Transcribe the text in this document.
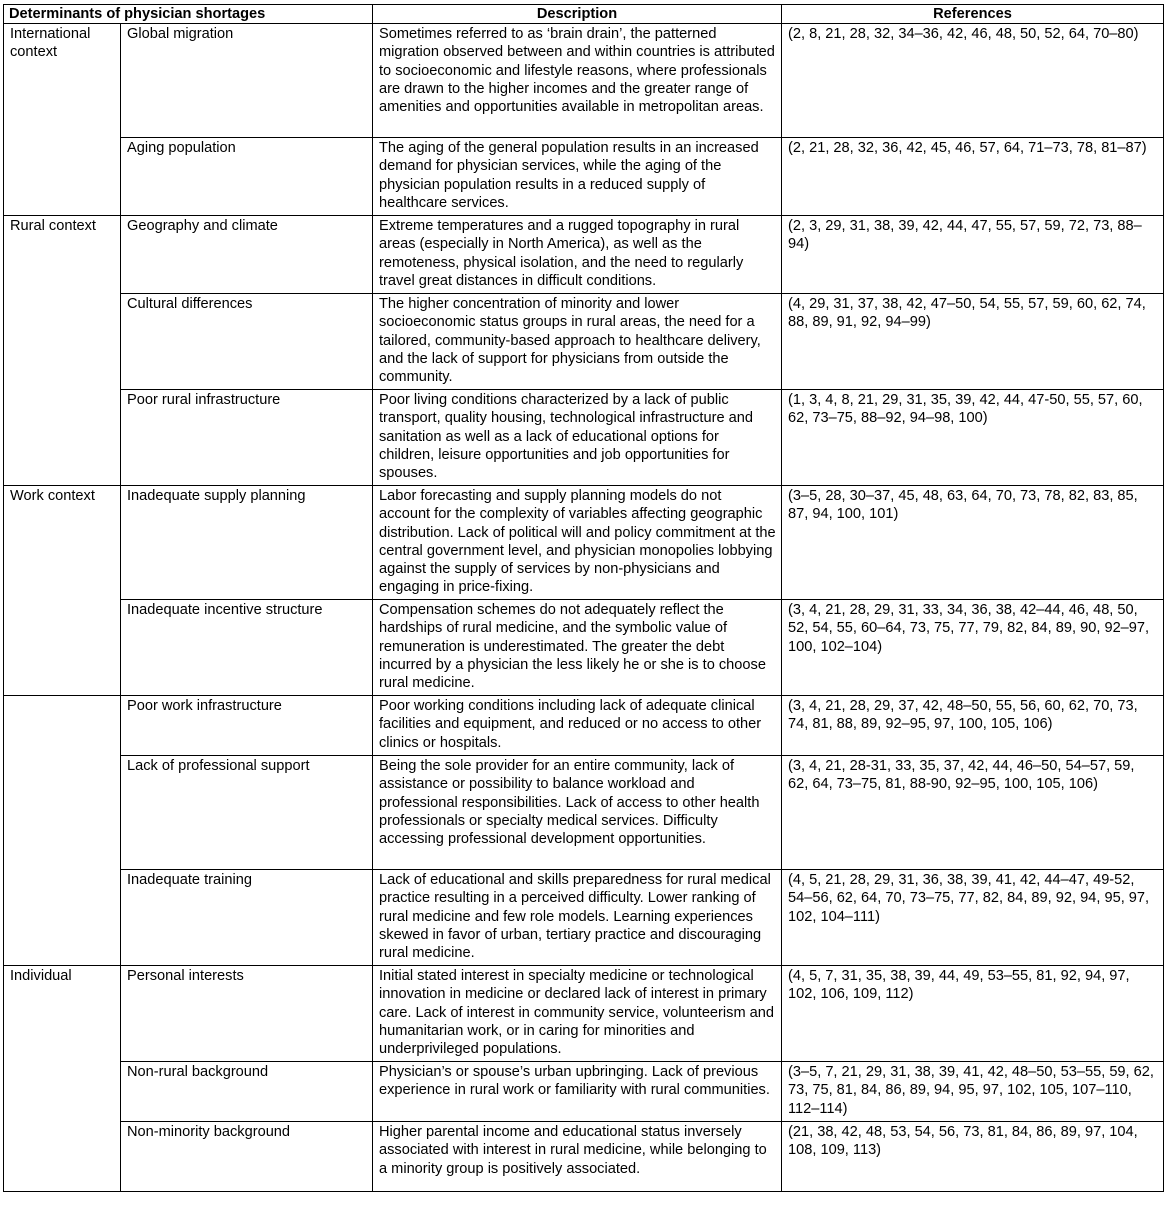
Determinants of physician shortages		Description	References
International context	Global migration	Sometimes referred to as ‘brain drain’, the patterned migration observed between and within countries is attributed to socioeconomic and lifestyle reasons, where professionals are drawn to the higher incomes and the greater range of amenities and opportunities available in metropolitan areas.	(2, 8, 21, 28, 32, 34–36, 42, 46, 48, 50, 52, 64, 70–80)
	Aging population	The aging of the general population results in an increased demand for physician services, while the aging of the physician population results in a reduced supply of healthcare services.	(2, 21, 28, 32, 36, 42, 45, 46, 57, 64, 71–73, 78, 81–87)
Rural context	Geography and climate	Extreme temperatures and a rugged topography in rural areas (especially in North America), as well as the remoteness, physical isolation, and the need to regularly travel great distances in difficult conditions.	(2, 3, 29, 31, 38, 39, 42, 44, 47, 55, 57, 59, 72, 73, 88–94)
	Cultural differences	The higher concentration of minority and lower socioeconomic status groups in rural areas, the need for a tailored, community-based approach to healthcare delivery, and the lack of support for physicians from outside the community.	(4, 29, 31, 37, 38, 42, 47–50, 54, 55, 57, 59, 60, 62, 74, 88, 89, 91, 92, 94–99)
	Poor rural infrastructure	Poor living conditions characterized by a lack of public transport, quality housing, technological infrastructure and sanitation as well as a lack of educational options for children, leisure opportunities and job opportunities for spouses.	(1, 3, 4, 8, 21, 29, 31, 35, 39, 42, 44, 47-50, 55, 57, 60, 62, 73–75, 88–92, 94–98, 100)
Work context	Inadequate supply planning	Labor forecasting and supply planning models do not account for the complexity of variables affecting geographic distribution. Lack of political will and policy commitment at the central government level, and physician monopolies lobbying against the supply of services by non-physicians and engaging in price-fixing.	(3–5, 28, 30–37, 45, 48, 63, 64, 70, 73, 78, 82, 83, 85, 87, 94, 100, 101)
	Inadequate incentive structure	Compensation schemes do not adequately reflect the hardships of rural medicine, and the symbolic value of remuneration is underestimated. The greater the debt incurred by a physician the less likely he or she is to choose rural medicine.	(3, 4, 21, 28, 29, 31, 33, 34, 36, 38, 42–44, 46, 48, 50, 52, 54, 55, 60–64, 73, 75, 77, 79, 82, 84, 89, 90, 92–97, 100, 102–104)
	Poor work infrastructure	Poor working conditions including lack of adequate clinical facilities and equipment, and reduced or no access to other clinics or hospitals.	(3, 4, 21, 28, 29, 37, 42, 48–50, 55, 56, 60, 62, 70, 73, 74, 81, 88, 89, 92–95, 97, 100, 105, 106)
	Lack of professional support	Being the sole provider for an entire community, lack of assistance or possibility to balance workload and professional responsibilities. Lack of access to other health professionals or specialty medical services. Difficulty accessing professional development opportunities.	(3, 4, 21, 28-31, 33, 35, 37, 42, 44, 46–50, 54–57, 59, 62, 64, 73–75, 81, 88-90, 92–95, 100, 105, 106)
	Inadequate training	Lack of educational and skills preparedness for rural medical practice resulting in a perceived difficulty. Lower ranking of rural medicine and few role models. Learning experiences skewed in favor of urban, tertiary practice and discouraging rural medicine.	(4, 5, 21, 28, 29, 31, 36, 38, 39, 41, 42, 44–47, 49-52, 54–56, 62, 64, 70, 73–75, 77, 82, 84, 89, 92, 94, 95, 97, 102, 104–111)
Individual	Personal interests	Initial stated interest in specialty medicine or technological innovation in medicine or declared lack of interest in primary care. Lack of interest in community service, volunteerism and humanitarian work, or in caring for minorities and underprivileged populations.	(4, 5, 7, 31, 35, 38, 39, 44, 49, 53–55, 81, 92, 94, 97, 102, 106, 109, 112)
	Non-rural background	Physician’s or spouse’s urban upbringing. Lack of previous experience in rural work or familiarity with rural communities.	(3–5, 7, 21, 29, 31, 38, 39, 41, 42, 48–50, 53–55, 59, 62, 73, 75, 81, 84, 86, 89, 94, 95, 97, 102, 105, 107–110, 112–114)
	Non-minority background	Higher parental income and educational status inversely associated with interest in rural medicine, while belonging to a minority group is positively associated.	(21, 38, 42, 48, 53, 54, 56, 73, 81, 84, 86, 89, 97, 104, 108, 109, 113)
